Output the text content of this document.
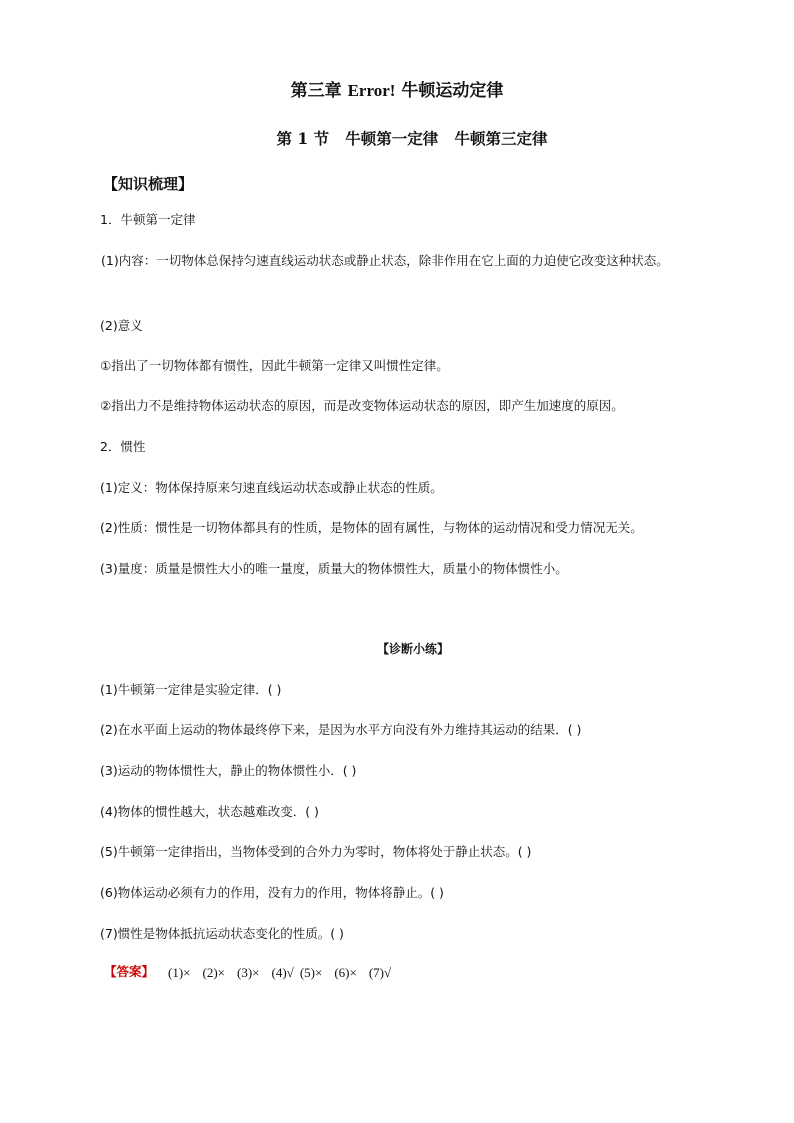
第三章 Error! 牛顿运动定律
第 1 节   牛顿第一定律   牛顿第三定律
【知识梳理】
1．牛顿第一定律
(1)内容：一切物体总保持匀速直线运动状态或静止状态，除非作用在它上面的力迫使它改变这种状态。
(2)意义
①指出了一切物体都有惯性，因此牛顿第一定律又叫惯性定律。
②指出力不是维持物体运动状态的原因，而是改变物体运动状态的原因，即产生加速度的原因。
2．惯性
(1)定义：物体保持原来匀速直线运动状态或静止状态的性质。
(2)性质：惯性是一切物体都具有的性质，是物体的固有属性，与物体的运动情况和受力情况无关。
(3)量度：质量是惯性大小的唯一量度，质量大的物体惯性大，质量小的物体惯性小。
【诊断小练】
(1)牛顿第一定律是实验定律．( )
(2)在水平面上运动的物体最终停下来，是因为水平方向没有外力维持其运动的结果．( )
(3)运动的物体惯性大，静止的物体惯性小．( )
(4)物体的惯性越大，状态越难改变．( )
(5)牛顿第一定律指出，当物体受到的合外力为零时，物体将处于静止状态。( )
(6)物体运动必须有力的作用，没有力的作用，物体将静止。( )
(7)惯性是物体抵抗运动状态变化的性质。( )
【答案】 (1)× (2)× (3)× (4)√ (5)× (6)× (7)√
